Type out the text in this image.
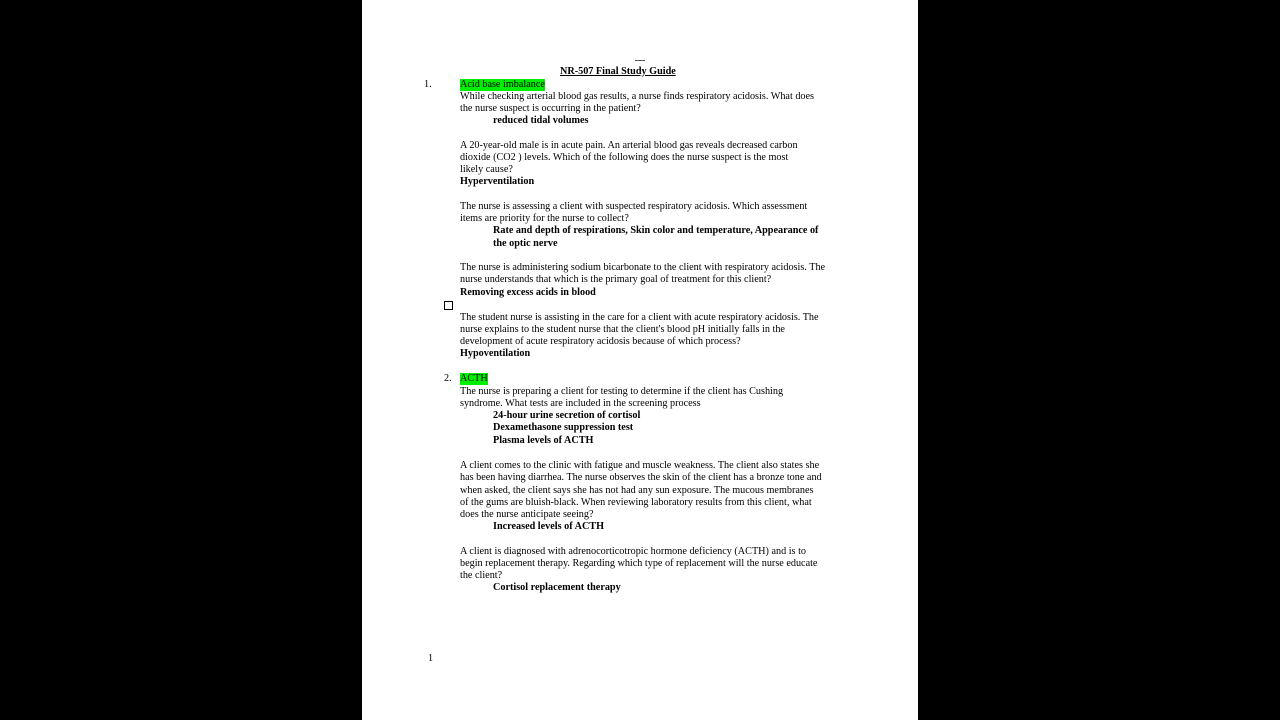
NR-507 Final Study Guide
1.	Acid base imbalance
While checking arterial blood gas results, a nurse finds respiratory acidosis. What does
the nurse suspect is occurring in the patient?
reduced tidal volumes
A 20-year-old male is in acute pain. An arterial blood gas reveals decreased carbon
dioxide (CO2 ) levels. Which of the following does the nurse suspect is the most
likely cause?
Hyperventilation
The nurse is assessing a client with suspected respiratory acidosis. Which assessment
items are priority for the nurse to collect?
Rate and depth of respirations, Skin color and temperature, Appearance of
the optic nerve
The nurse is administering sodium bicarbonate to the client with respiratory acidosis. The
nurse understands that which is the primary goal of treatment for this client?
Removing excess acids in blood
The student nurse is assisting in the care for a client with acute respiratory acidosis. The
nurse explains to the student nurse that the client's blood pH initially falls in the
development of acute respiratory acidosis because of which process?
Hypoventilation
2. ACTH
The nurse is preparing a client for testing to determine if the client has Cushing
syndrome. What tests are included in the screening process
24-hour urine secretion of cortisol
Dexamethasone suppression test
Plasma levels of ACTH
A client comes to the clinic with fatigue and muscle weakness. The client also states she
has been having diarrhea. The nurse observes the skin of the client has a bronze tone and
when asked, the client says she has not had any sun exposure. The mucous membranes
of the gums are bluish-black. When reviewing laboratory results from this client, what
does the nurse anticipate seeing?
Increased levels of ACTH
A client is diagnosed with adrenocorticotropic hormone deficiency (ACTH) and is to
begin replacement therapy. Regarding which type of replacement will the nurse educate
the client?
Cortisol replacement therapy
1
